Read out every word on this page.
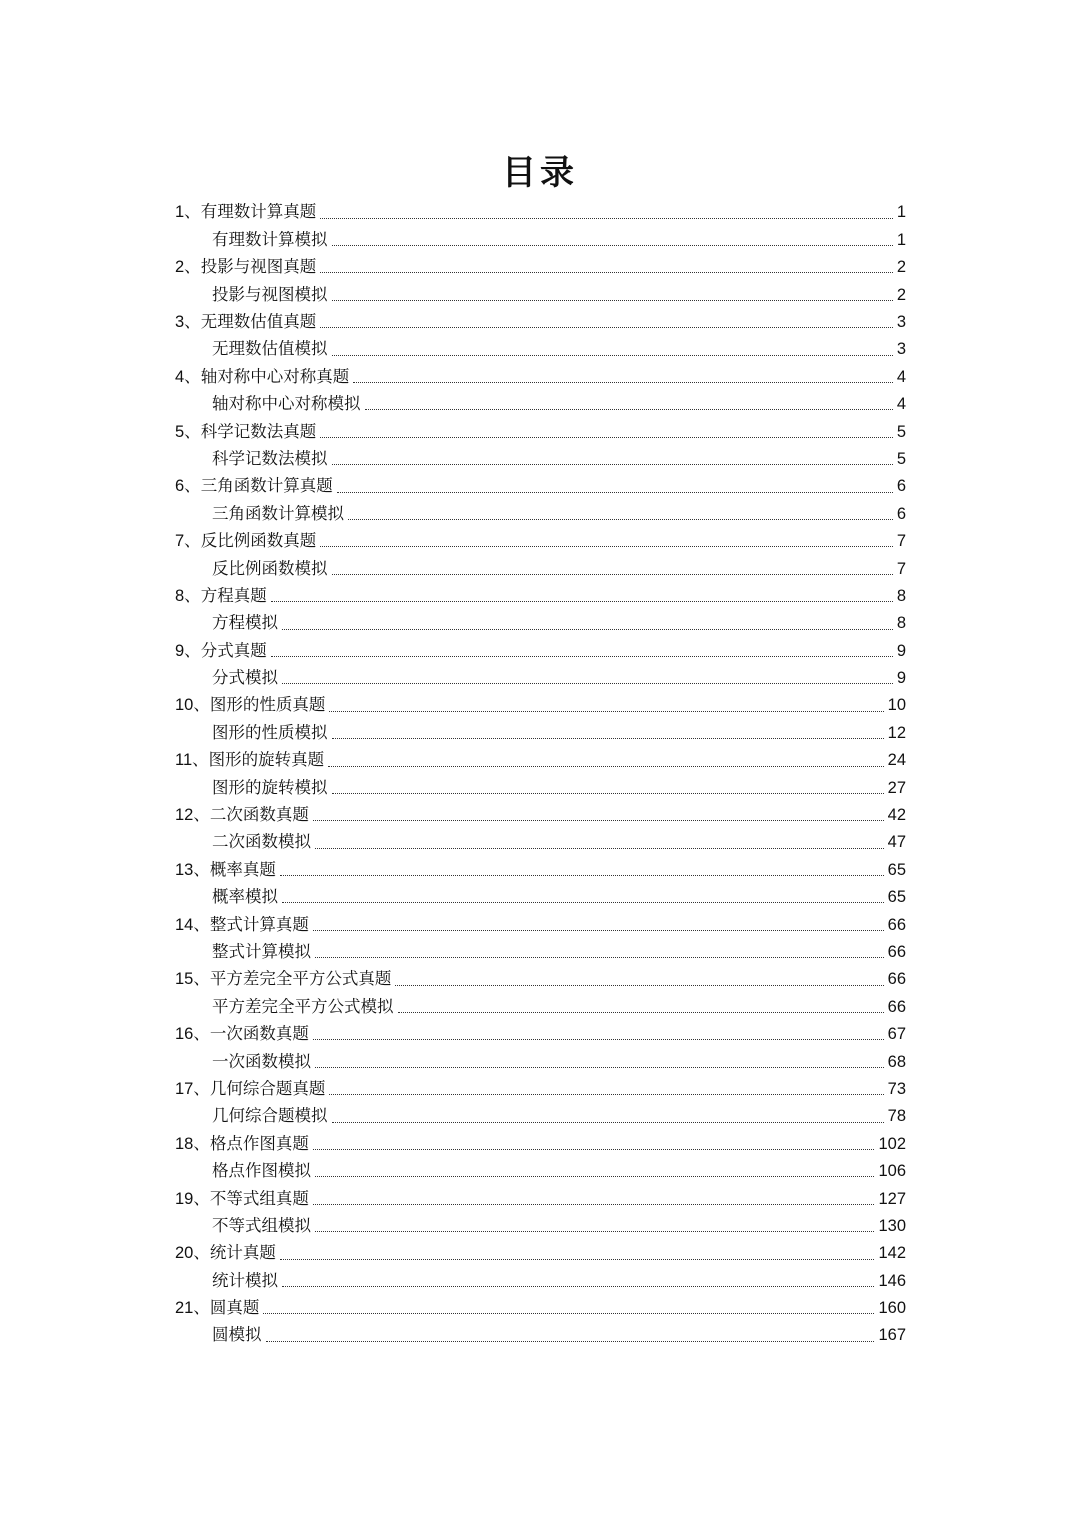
目录
1、有理数计算真题	1
有理数计算模拟	1
2、投影与视图真题	2
投影与视图模拟	2
3、无理数估值真题	3
无理数估值模拟	3
4、轴对称中心对称真题	4
轴对称中心对称模拟	4
5、科学记数法真题	5
科学记数法模拟	5
6、三角函数计算真题	6
三角函数计算模拟	6
7、反比例函数真题	7
反比例函数模拟	7
8、方程真题	8
方程模拟	8
9、分式真题	9
分式模拟	9
10、图形的性质真题	10
图形的性质模拟	12
11、图形的旋转真题	24
图形的旋转模拟	27
12、二次函数真题	42
二次函数模拟	47
13、概率真题	65
概率模拟	65
14、整式计算真题	66
整式计算模拟	66
15、平方差完全平方公式真题	66
平方差完全平方公式模拟	66
16、一次函数真题	67
一次函数模拟	68
17、几何综合题真题	73
几何综合题模拟	78
18、格点作图真题	102
格点作图模拟	106
19、不等式组真题	127
不等式组模拟	130
20、统计真题	142
统计模拟	146
21、圆真题	160
圆模拟	167
